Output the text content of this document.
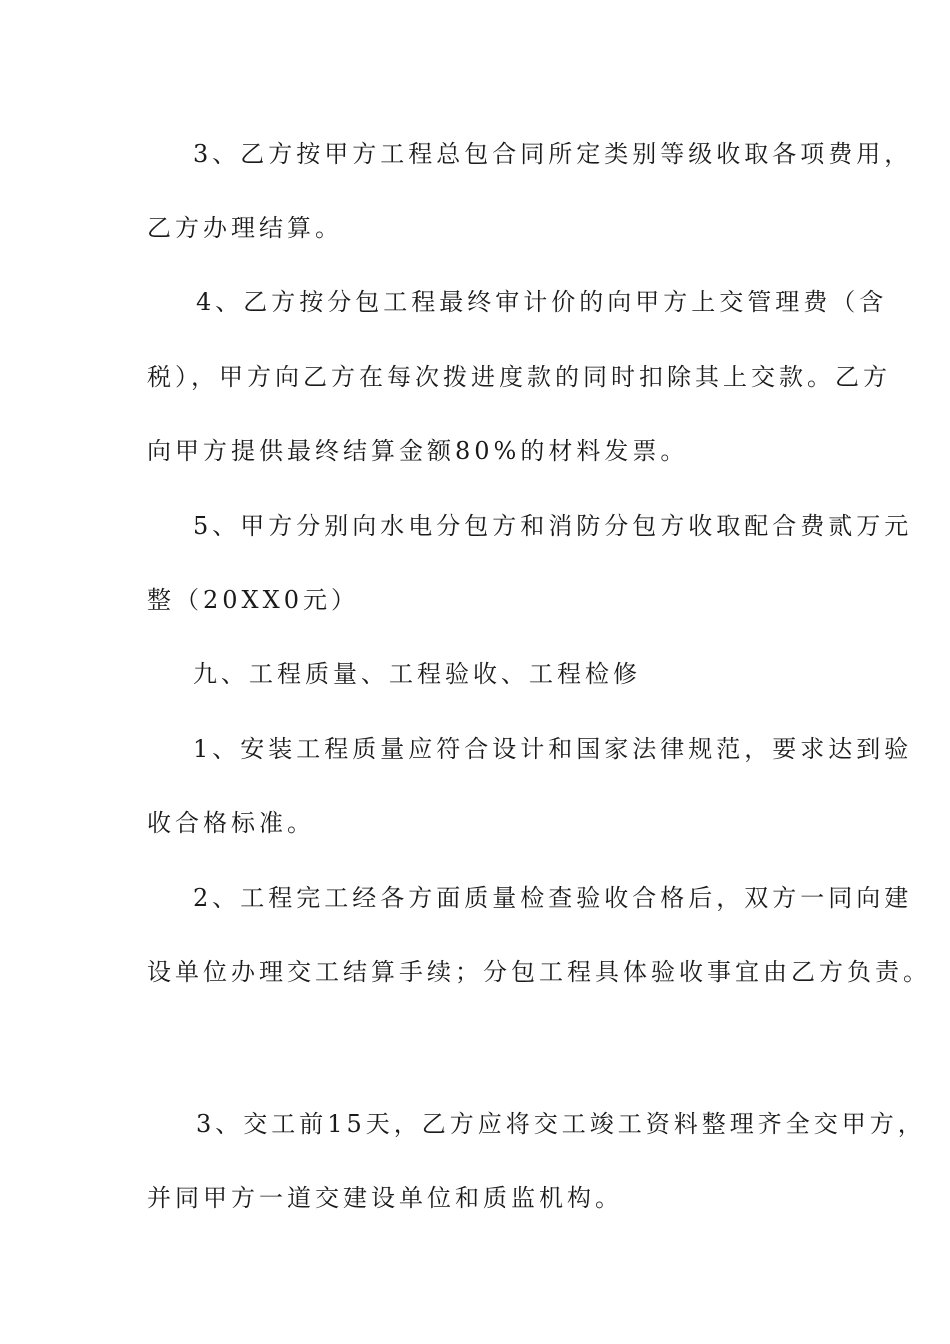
3、乙方按甲方工程总包合同所定类别等级收取各项费用，
乙方办理结算。
4、乙方按分包工程最终审计价的向甲方上交管理费（含
税），甲方向乙方在每次拨进度款的同时扣除其上交款。乙方
向甲方提供最终结算金额80%的材料发票。
5、甲方分别向水电分包方和消防分包方收取配合费贰万元
整（20XX0元）
九、工程质量、工程验收、工程检修
1、安装工程质量应符合设计和国家法律规范，要求达到验
收合格标准。
2、工程完工经各方面质量检查验收合格后，双方一同向建
设单位办理交工结算手续；分包工程具体验收事宜由乙方负责。
3、交工前15天，乙方应将交工竣工资料整理齐全交甲方，
并同甲方一道交建设单位和质监机构。
